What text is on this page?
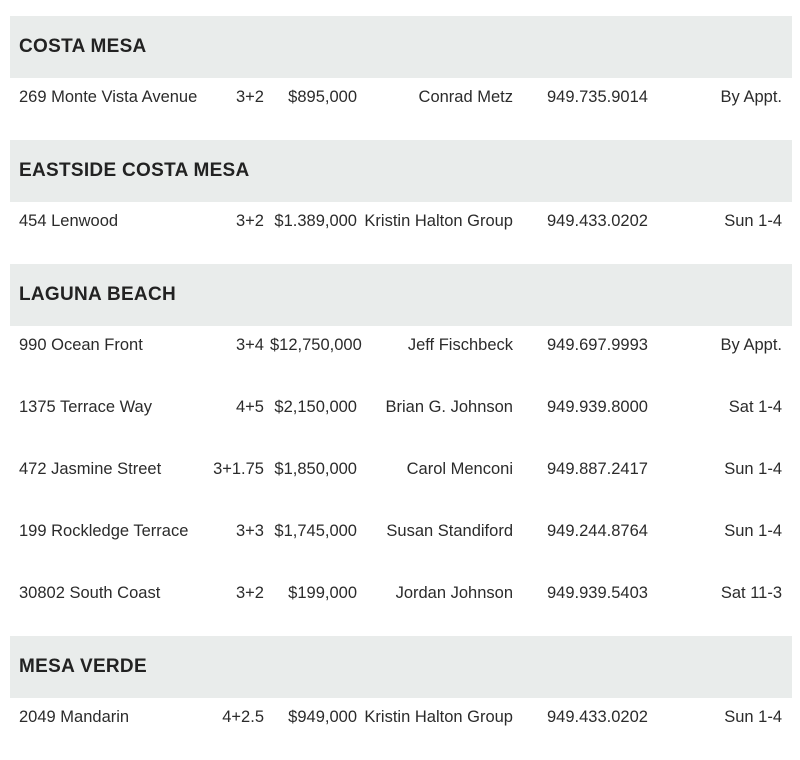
COSTA MESA
269 Monte Vista Avenue	3+2	$895,000	Conrad Metz 949.735.9014	By Appt.
EASTSIDE COSTA MESA
454 Lenwood	3+2 $1.389,000 Kristin Halton Group 949.433.0202	Sun 1-4
LAGUNA BEACH
990 Ocean Front	3+4 $12,750,000	Jeff Fischbeck 949.697.9993	By Appt.
1375 Terrace Way	4+5 $2,150,000	Brian G. Johnson 949.939.8000	Sat 1-4
472 Jasmine Street	3+1.75 $1,850,000	Carol Menconi 949.887.2417	Sun 1-4
199 Rockledge Terrace	3+3 $1,745,000	Susan Standiford 949.244.8764	Sun 1-4
30802 South Coast	3+2	$199,000	Jordan Johnson 949.939.5403	Sat 11-3
MESA VERDE
2049 Mandarin	4+2.5	$949,000 Kristin Halton Group 949.433.0202	Sun 1-4
